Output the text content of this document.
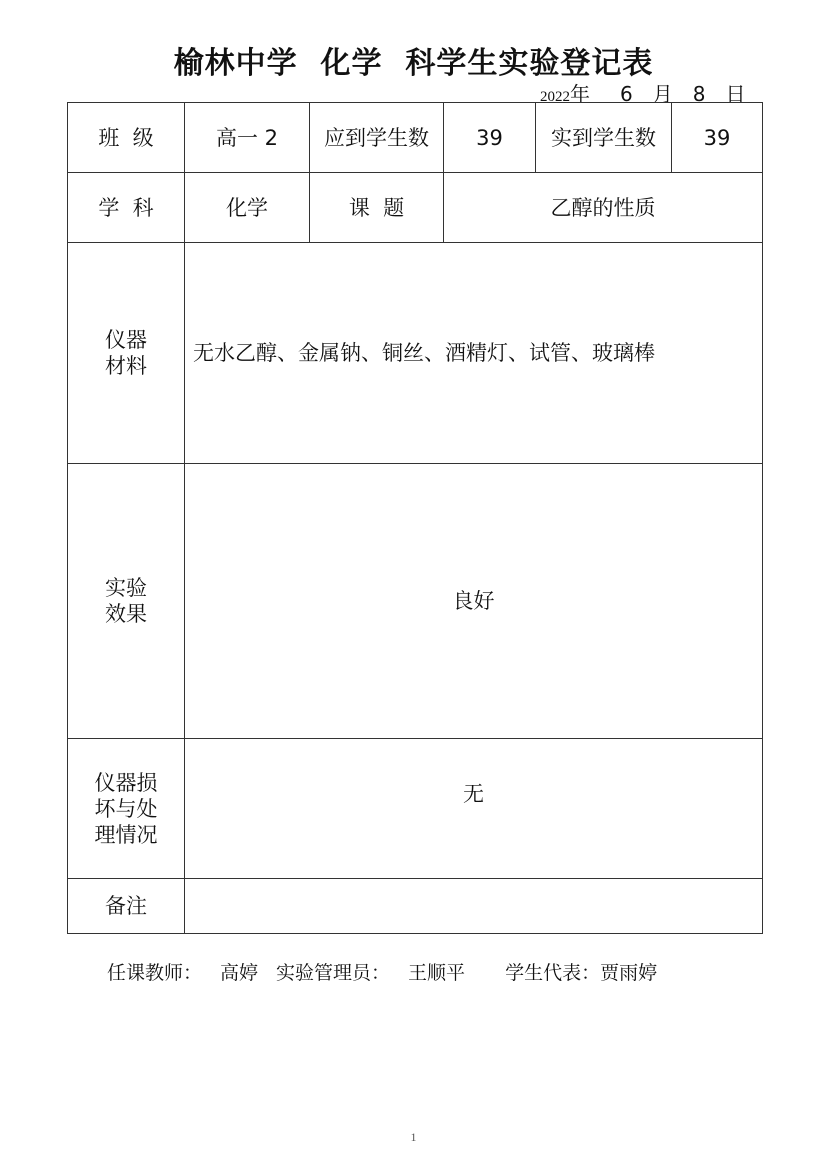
榆林中学  化学  科学生实验登记表
2022年 6 月 8 日
班  级	高一 2	应到学生数	39	实到学生数	39
学  科	化学	课  题	乙醇的性质		

仪器
材料	无水乙醇、金属钠、铜丝、酒精灯、试管、玻璃棒				

实验
效果	良好				

仪器损
坏与处
理情况	无				
备注					
任课教师： 高婷 实验管理员： 王顺平 学生代表：贾雨婷
1
